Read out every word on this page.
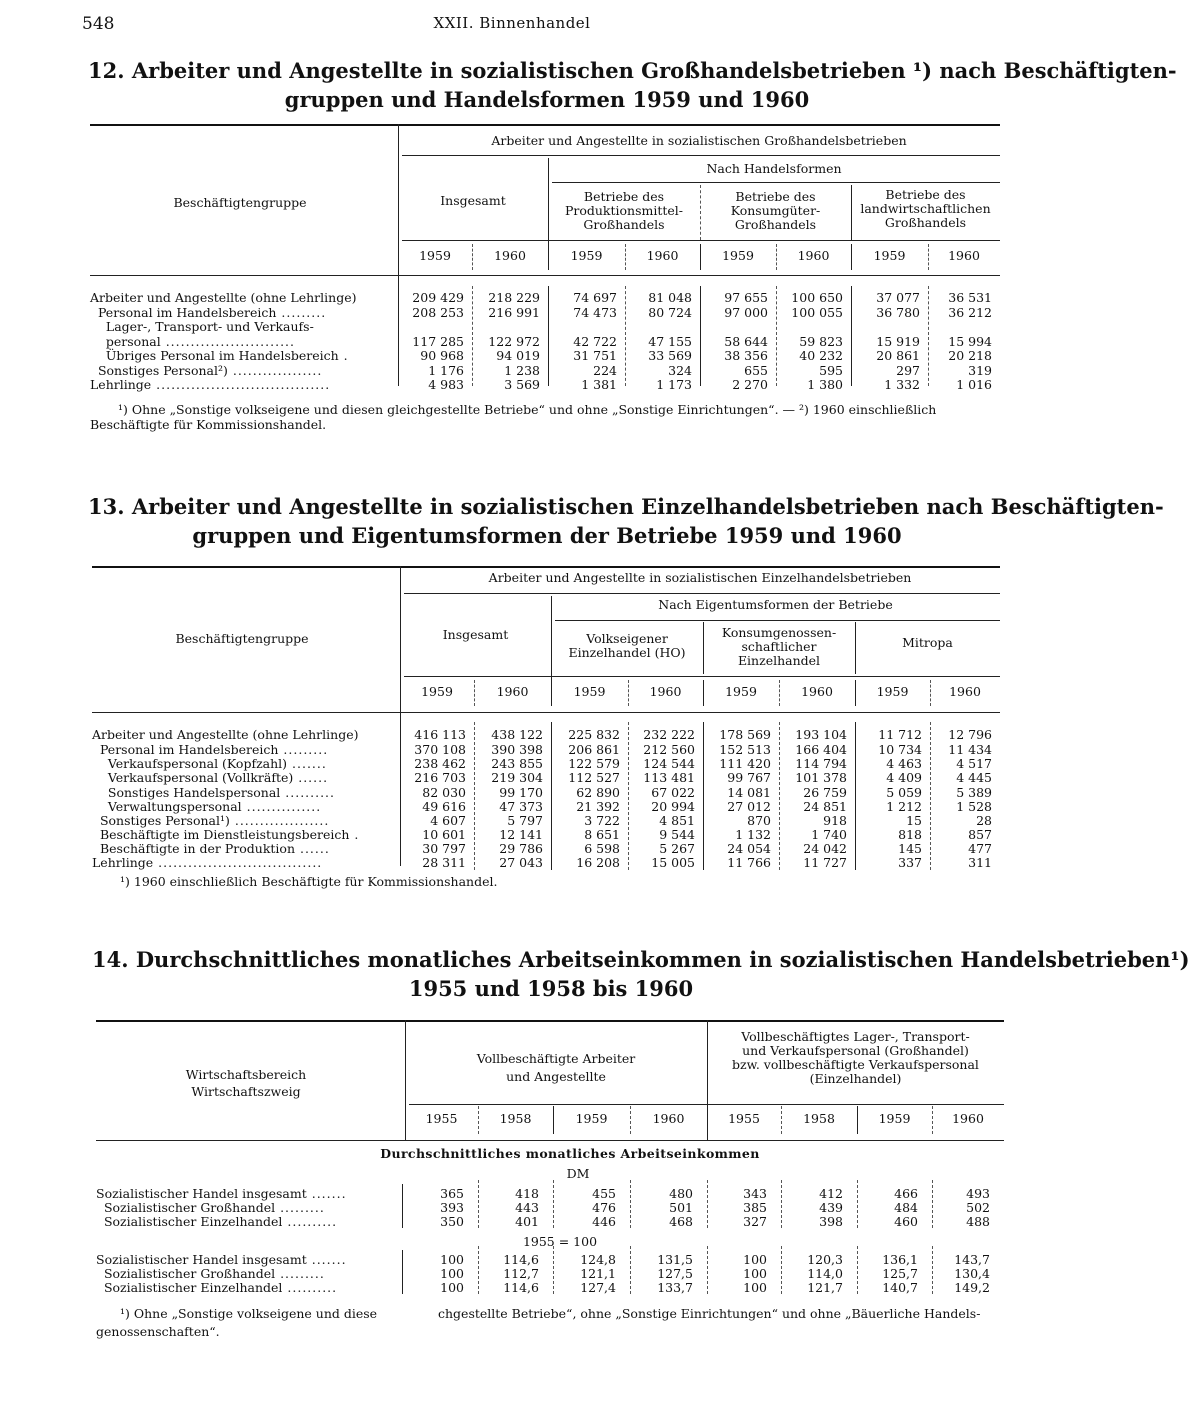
548	XXII. Binnenhandel
12. Arbeiter und Angestellte in sozialistischen Großhandelsbetrieben ¹) nach Beschäftigten-
gruppen und Handelsformen 1959 und 1960
Arbeiter und Angestellte in sozialistischen Großhandelsbetrieben
Beschäftigtengruppe	Insgesamt
Nach Handelsformen
Betriebe des
Produktionsmittel-
Großhandels
Betriebe des
Konsumgüter-
Großhandels
Betriebe des
landwirtschaftlichen
Großhandels
1959	1960	1959	1960	1959	1960	1959	1960
Arbeiter und Angestellte (ohne Lehrlinge)	209 429	218 229	74 697	81 048	97 655	100 650	37 077	36 531
Personal im Handelsbereich .........	208 253	216 991	74 473	80 724	97 000	100 055	36 780	36 212
Lager-, Transport- und Verkaufs-
personal ..........................	117 285	122 972	42 722	47 155	58 644	59 823	15 919	15 994
Übriges Personal im Handelsbereich .	90 968	94 019	31 751	33 569	38 356	40 232	20 861	20 218
Sonstiges Personal²) ..................	1 176	1 238	224	324	655	595	297	319
Lehrlinge ...................................	4 983	3 569	1 381	1 173	2 270	1 380	1 332	1 016
¹) Ohne „Sonstige volkseigene und diesen gleichgestellte Betriebe“ und ohne „Sonstige Einrichtungen“. — ²) 1960 einschließlich Beschäftigte für Kommissionshandel.
13. Arbeiter und Angestellte in sozialistischen Einzelhandelsbetrieben nach Beschäftigten-
gruppen und Eigentumsformen der Betriebe 1959 und 1960
Arbeiter und Angestellte in sozialistischen Einzelhandelsbetrieben
Beschäftigtengruppe	Insgesamt
Nach Eigentumsformen der Betriebe
Volkseigener
Einzelhandel (HO)
Konsumgenossen-
schaftlicher
Einzelhandel
Mitropa
1959	1960	1959	1960	1959	1960	1959	1960
Arbeiter und Angestellte (ohne Lehrlinge)	416 113	438 122	225 832	232 222	178 569	193 104	11 712	12 796
Personal im Handelsbereich .........	370 108	390 398	206 861	212 560	152 513	166 404	10 734	11 434
Verkaufspersonal (Kopfzahl) .......	238 462	243 855	122 579	124 544	111 420	114 794	4 463	4 517
Verkaufspersonal (Vollkräfte) ......	216 703	219 304	112 527	113 481	99 767	101 378	4 409	4 445
Sonstiges Handelspersonal ..........	82 030	99 170	62 890	67 022	14 081	26 759	5 059	5 389
Verwaltungspersonal ...............	49 616	47 373	21 392	20 994	27 012	24 851	1 212	1 528
Sonstiges Personal¹) ...................	4 607	5 797	3 722	4 851	870	918	15	28
Beschäftigte im Dienstleistungsbereich .	10 601	12 141	8 651	9 544	1 132	1 740	818	857
Beschäftigte in der Produktion ......	30 797	29 786	6 598	5 267	24 054	24 042	145	477
Lehrlinge .................................	28 311	27 043	16 208	15 005	11 766	11 727	337	311
¹) 1960 einschließlich Beschäftigte für Kommissionshandel.
14. Durchschnittliches monatliches Arbeitseinkommen in sozialistischen Handelsbetrieben¹)
1955 und 1958 bis 1960
Wirtschaftsbereich
Wirtschaftszweig
Vollbeschäftigte Arbeiter
und Angestellte
Vollbeschäftigtes Lager-, Transport-
und Verkaufspersonal (Großhandel)
bzw. vollbeschäftigte Verkaufspersonal
(Einzelhandel)
1955	1958	1959	1960	1955	1958	1959	1960
Durchschnittliches monatliches Arbeitseinkommen
DM
Sozialistischer Handel insgesamt .......	365	418	455	480	343	412	466	493
Sozialistischer Großhandel .........	393	443	476	501	385	439	484	502
Sozialistischer Einzelhandel ..........	350	401	446	468	327	398	460	488
1955 = 100
Sozialistischer Handel insgesamt .......	100	114,6	124,8	131,5	100	120,3	136,1	143,7
Sozialistischer Großhandel .........	100	112,7	121,1	127,5	100	114,0	125,7	130,4
Sozialistischer Einzelhandel ..........	100	114,6	127,4	133,7	100	121,7	140,7	149,2
¹) Ohne „Sonstige volkseigene und diese	chgestellte Betriebe“, ohne „Sonstige Einrichtungen“ und ohne „Bäuerliche Handels-
genossenschaften“.
